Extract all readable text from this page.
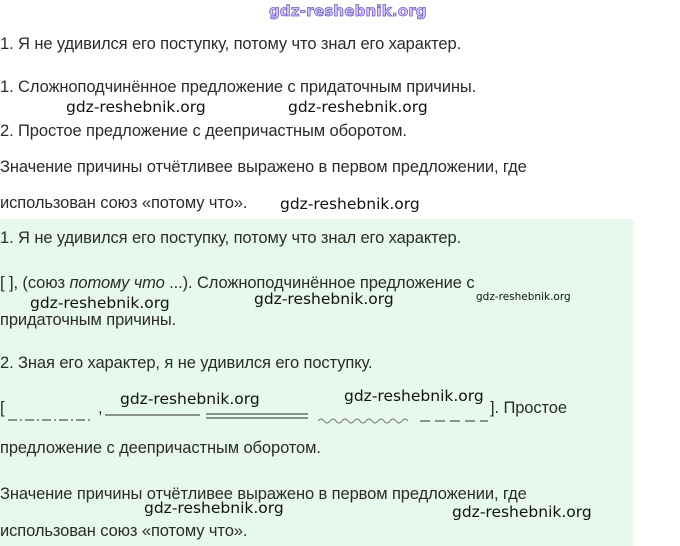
gdz-reshebnik.org
1. Я не удивился его поступку, потому что знал его характер.
1. Сложноподчинённое предложение с придаточным причины.
gdz-reshebnik.org	gdz-reshebnik.org
2. Простое предложение с деепричастным оборотом.
Значение причины отчётливее выражено в первом предложении, где
использован союз «потому что». gdz-reshebnik.org
1. Я не удивился его поступку, потому что знал его характер.
[ ], (союз потому что ...). Сложноподчинённое предложение с
gdz-reshebnik.org	gdz-reshebnik.org	gdz-reshebnik.org
придаточным причины.
2. Зная его характер, я не удивился его поступку.
[	,	]. Простое
gdz-reshebnik.org	gdz-reshebnik.org
предложение с деепричастным оборотом.
Значение причины отчётливее выражено в первом предложении, где
gdz-reshebnik.org	gdz-reshebnik.org
использован союз «потому что».
